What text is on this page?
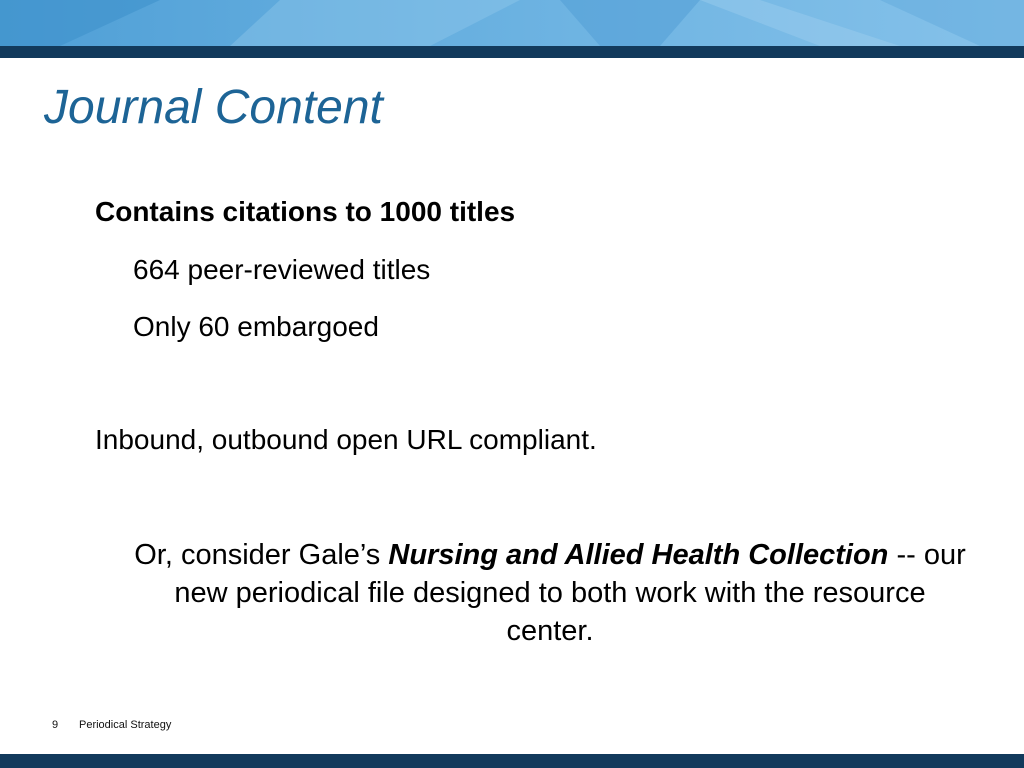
Journal Content

Contains citations to 1000 titles

664 peer-reviewed titles

Only 60 embargoed

Inbound, outbound open URL compliant.

Or, consider Gale’s Nursing and Allied Health Collection -- our new periodical file designed to both work with the resource center.

9 Periodical Strategy
